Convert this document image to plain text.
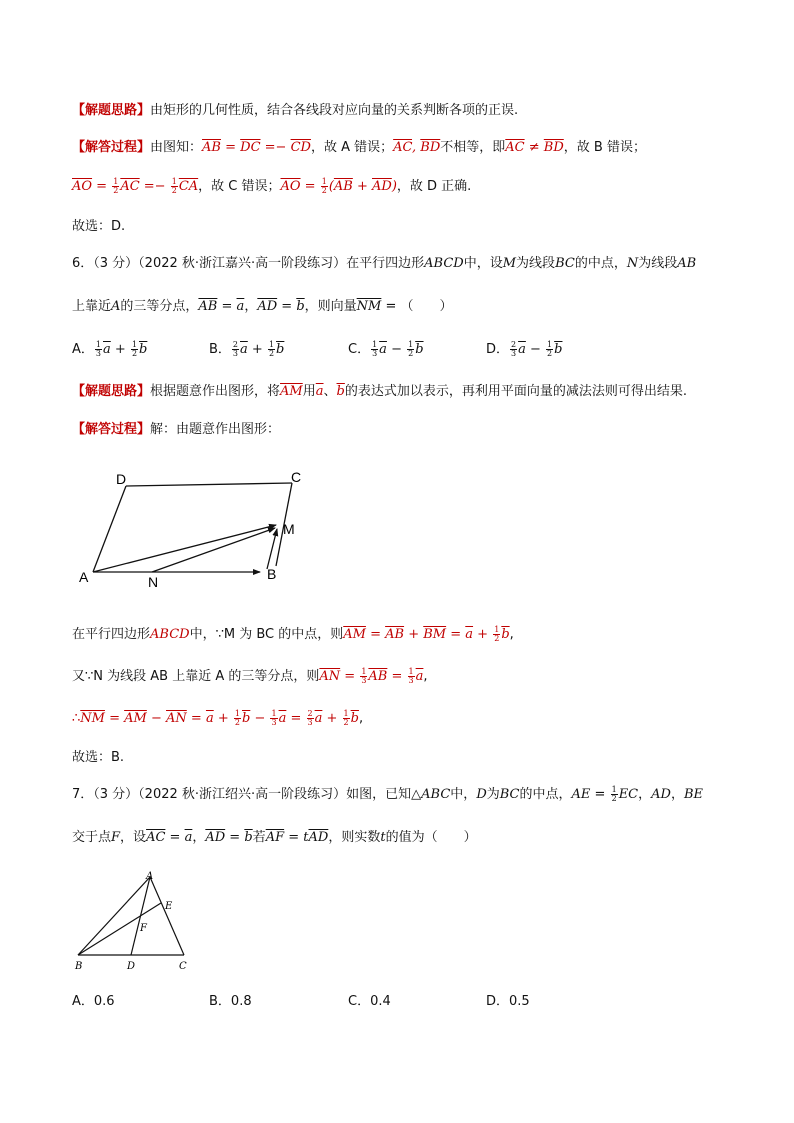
【解题思路】由矩形的几何性质，结合各线段对应向量的关系判断各项的正误.
【解答过程】由图知：$\overline{AB} = \overline{DC} =- \overline{CD}$，故 A 错误；$\overline{AC}$, $\overline{BD}$不相等，即$\overline{AC} \ne \overline{BD}$，故 B 错误；
$\overline{AO} = \frac{1}{2} \overline{AC} =- \frac{1}{2} \overline{CA}$，故 C 错误；$\overline{AO} = \frac{1}{2} (\overline{AB} + \overline{AD})$，故 D 正确.
故选：D.
6．（3 分）（2022 秋·浙江嘉兴·高一阶段练习）在平行四边形ABCD中，设M为线段BC的中点，N为线段AB
上靠近A的三等分点，$\overline{AB} = \overline{a}$，$\overline{AD} = \overline{b}$，则向量$\overline{NM}$ = （　　）
A． $\frac{1}{3} \overline{a} + \frac{1}{2} \overline{b}$	B． $\frac{2}{3} \overline{a} + \frac{1}{2} \overline{b}$	C． $\frac{1}{3} \overline{a} - \frac{1}{2} \overline{b}$	D． $\frac{2}{3} \overline{a} - \frac{1}{2} \overline{b}$
【解题思路】根据题意作出图形，将$\overline{AM}$用$\overline{a}$、$\overline{b}$的表达式加以表示，再利用平面向量的减法法则可得出结果.
【解答过程】解：由题意作出图形：
A	B
C
D
M
N
在平行四边形ABCD中，∵M 为 BC 的中点，则$\overline{AM} = \overline{AB} + \overline{BM} = \overline{a} + \frac{1}{2} \overline{b}$,
又∵N 为线段 AB 上靠近 A 的三等分点，则$\overline{AN} = \frac{1}{3} \overline{AB} = \frac{1}{3} \overline{a}$,
$\therefore\overline{NM} = \overline{AM} - \overline{AN} = \overline{a} + \frac{1}{2} \overline{b} - \frac{1}{3} \overline{a} = \frac{2}{3} \overline{a} + \frac{1}{2} \overline{b}$,
故选：B.
7．（3 分）（2022 秋·浙江绍兴·高一阶段练习）如图，已知△ABC中，D为BC的中点，AE = $\frac{1}{2}$ EC，AD，BE
交于点F，设$\overline{AC} = \overline{a}$，$\overline{AD} = \overline{b}$若$\overline{AF} = t\overline{AD}$，则实数t的值为（　　）
A
B	C
D
E
F
A．0.6	B．0.8	C．0.4	D．0.5
